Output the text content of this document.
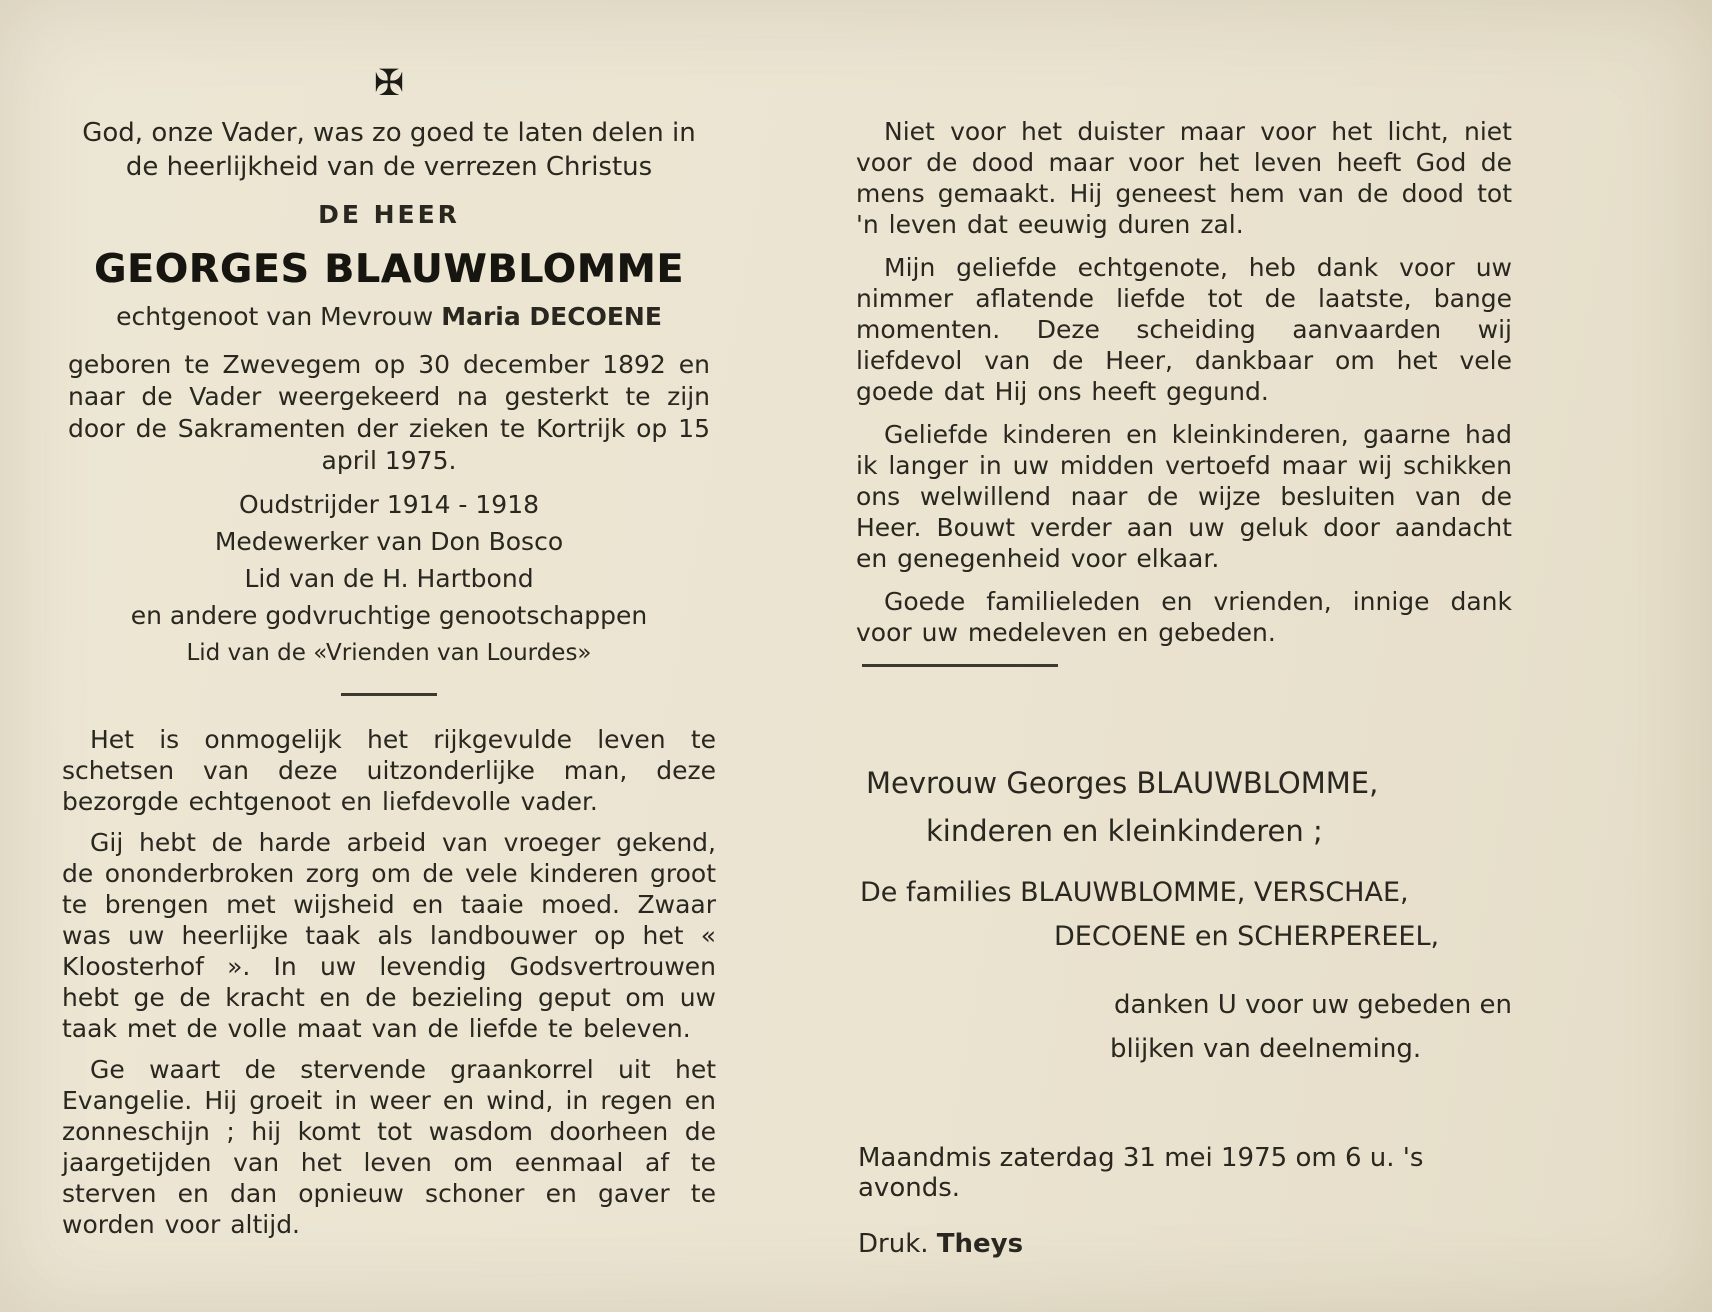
✠

God, onze Vader, was zo goed te laten delen in de heerlijkheid van de verrezen Christus

DE HEER

GEORGES BLAUWBLOMME

echtgenoot van Mevrouw Maria DECOENE

geboren te Zwevegem op 30 december 1892 en naar de Vader weergekeerd na gesterkt te zijn door de Sakramenten der zieken te Kortrijk op 15 april 1975.

Oudstrijder 1914 - 1918

Medewerker van Don Bosco

Lid van de H. Hartbond

en andere godvruchtige genootschappen

Lid van de «Vrienden van Lourdes»

Het is onmogelijk het rijkgevulde leven te schetsen van deze uitzonderlijke man, deze bezorgde echtgenoot en liefdevolle vader.

Gij hebt de harde arbeid van vroeger gekend, de ononderbroken zorg om de vele kinderen groot te brengen met wijsheid en taaie moed. Zwaar was uw heerlijke taak als landbouwer op het « Kloosterhof ». In uw levendig Godsvertrouwen hebt ge de kracht en de bezieling geput om uw taak met de volle maat van de liefde te beleven.

Ge waart de stervende graankorrel uit het Evangelie. Hij groeit in weer en wind, in regen en zonneschijn ; hij komt tot wasdom doorheen de jaargetijden van het leven om eenmaal af te sterven en dan opnieuw schoner en gaver te worden voor altijd.

Niet voor het duister maar voor het licht, niet voor de dood maar voor het leven heeft God de mens gemaakt. Hij geneest hem van de dood tot 'n leven dat eeuwig duren zal.

Mijn geliefde echtgenote, heb dank voor uw nimmer aflatende liefde tot de laatste, bange momenten. Deze scheiding aanvaarden wij liefdevol van de Heer, dankbaar om het vele goede dat Hij ons heeft gegund.

Geliefde kinderen en kleinkinderen, gaarne had ik langer in uw midden vertoefd maar wij schikken ons welwillend naar de wijze besluiten van de Heer. Bouwt verder aan uw geluk door aandacht en genegenheid voor elkaar.

Goede familieleden en vrienden, innige dank voor uw medeleven en gebeden.

Mevrouw Georges BLAUWBLOMME,

kinderen en kleinkinderen ;

De families BLAUWBLOMME, VERSCHAE,

DECOENE en SCHERPEREEL,

danken U voor uw gebeden en

blijken van deelneming.

Maandmis zaterdag 31 mei 1975 om 6 u. 's avonds.

Druk. Theys
